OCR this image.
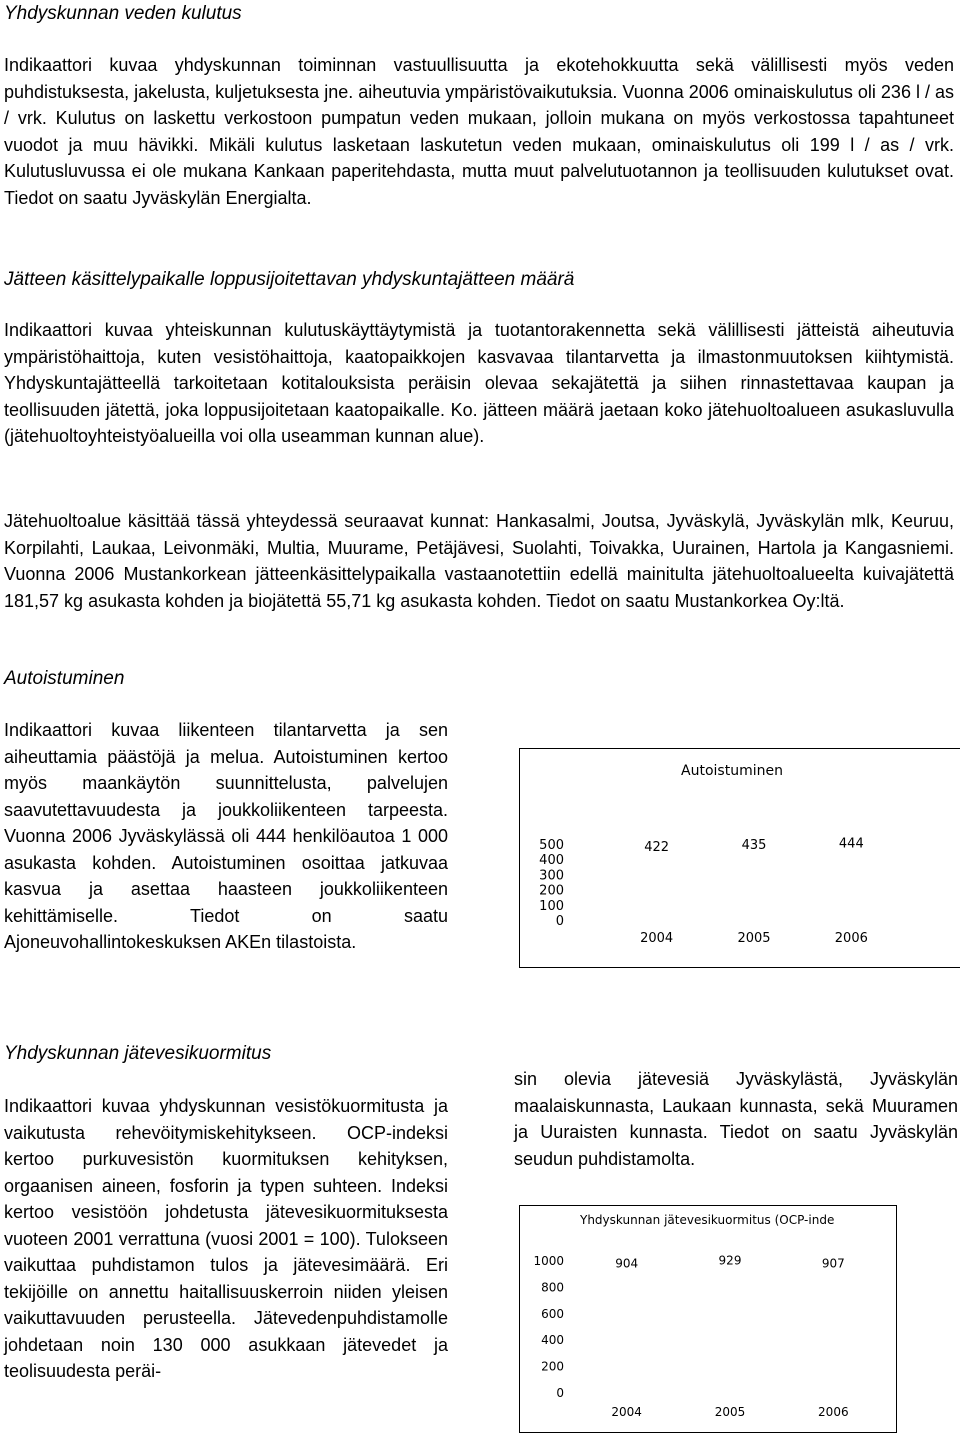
Yhdyskunnan veden kulutus
Indikaattori kuvaa yhdyskunnan toiminnan vastuullisuutta ja ekotehokkuutta sekä välillisesti myös veden puhdistuksesta, jakelusta, kuljetuksesta jne. aiheutuvia ympäristövaikutuksia. Vuonna 2006 ominaiskulutus oli 236 l / as / vrk. Kulutus on laskettu verkostoon pumpatun veden mukaan, jolloin mukana on myös verkostossa tapahtuneet vuodot ja muu hävikki. Mikäli kulutus lasketaan laskutetun veden mukaan, ominaiskulutus oli 199 l / as / vrk. Kulutusluvussa ei ole mukana Kankaan paperitehdasta, mutta muut palvelutuotannon ja teollisuuden kulutukset ovat. Tiedot on saatu Jyväskylän Energialta.
Jätteen käsittelypaikalle loppusijoitettavan yhdyskuntajätteen määrä
Indikaattori kuvaa yhteiskunnan kulutuskäyttäytymistä ja tuotantorakennetta sekä välillisesti jätteistä aiheutuvia ympäristöhaittoja, kuten vesistöhaittoja, kaatopaikkojen kasvavaa tilantarvetta ja ilmastonmuutoksen kiihtymistä. Yhdyskuntajätteellä tarkoitetaan kotitalouksista peräisin olevaa sekajätettä ja siihen rinnastettavaa kaupan ja teollisuuden jätettä, joka loppusijoitetaan kaatopaikalle. Ko. jätteen määrä jaetaan koko jätehuoltoalueen asukasluvulla (jätehuoltoyhteistyöalueilla voi olla useamman kunnan alue).
Jätehuoltoalue käsittää tässä yhteydessä seuraavat kunnat: Hankasalmi, Joutsa, Jyväskylä, Jyväskylän mlk, Keuruu, Korpilahti, Laukaa, Leivonmäki, Multia, Muurame, Petäjävesi, Suolahti, Toivakka, Uurainen, Hartola ja Kangasniemi. Vuonna 2006 Mustankorkean jätteenkäsittelypaikalla vastaanotettiin edellä mainitulta jätehuoltoalueelta kuivajätettä 181,57 kg asukasta kohden ja biojätettä 55,71 kg asukasta kohden. Tiedot on saatu Mustankorkea Oy:ltä.
Autoistuminen
Indikaattori kuvaa liikenteen tilantarvetta ja sen aiheuttamia päästöjä ja melua. Autoistuminen kertoo myös maankäytön suunnittelusta, palvelujen saavutettavuudesta ja joukkoliikenteen tarpeesta. Vuonna 2006 Jyväskylässä oli 444 henkilöautoa 1 000 asukasta kohden. Autoistuminen osoittaa jatkuvaa kasvua ja asettaa haasteen joukkoliikenteen kehittämiselle. Tiedot on saatu Ajoneuvohallintokeskuksen AKEn tilastoista.
Autoistuminen
0
100
200
300
400
500	422
2004
435
2005
444
2006
Yhdyskunnan jätevesikuormitus
Indikaattori kuvaa yhdyskunnan vesistökuormitusta ja vaikutusta rehevöitymiskehitykseen. OCP-indeksi kertoo purkuvesistön kuormituksen kehityksen, orgaanisen aineen, fosforin ja typen suhteen. Indeksi kertoo vesistöön johdetusta jätevesikuormituksesta vuoteen 2001 verrattuna (vuosi 2001 = 100). Tulokseen vaikuttaa puhdistamon tulos ja jätevesimäärä. Eri tekijöille on annettu haitallisuuskerroin niiden yleisen vaikuttavuuden perusteella. Jätevedenpuhdistamolle johdetaan noin 130 000 asukkaan jätevedet ja teolisuudesta peräi-
sin olevia jätevesiä Jyväskylästä, Jyväskylän maalaiskunnasta, Laukaan kunnasta, sekä Muuramen ja Uuraisten kunnasta. Tiedot on saatu Jyväskylän seudun puhdistamolta.
Yhdyskunnan jätevesikuormitus (OCP-inde
0
200
400
600
800
1000	904
2004
929
2005
907
2006
